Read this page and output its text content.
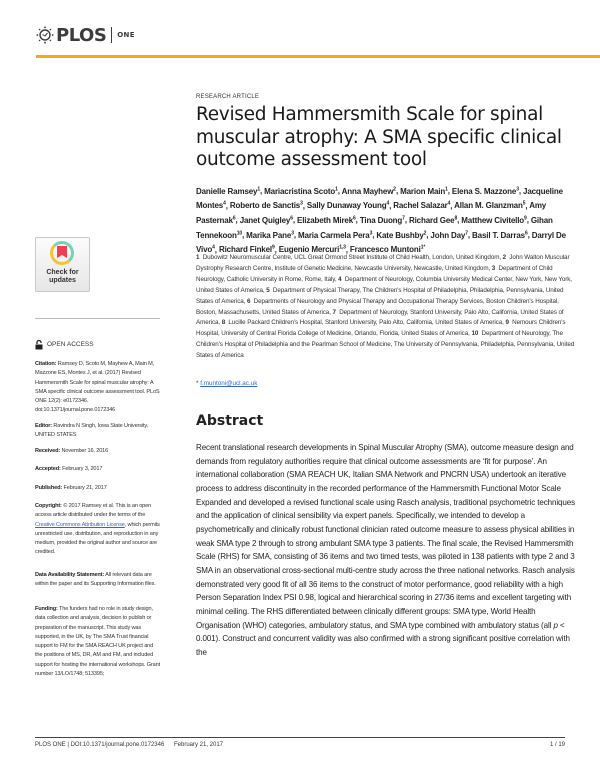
PLOS ONE
RESEARCH ARTICLE
Revised Hammersmith Scale for spinal muscular atrophy: A SMA specific clinical outcome assessment tool
Danielle Ramsey$^1$, Mariacristina Scoto$^1$, Anna Mayhew$^2$, Marion Main$^1$, Elena S. Mazzone$^3$, Jacqueline Montes$^4$, Roberto de Sanctis$^3$, Sally Dunaway Young$^4$, Rachel Salazar$^4$, Allan M. Glanzman$^5$, Amy Pasternak$^6$, Janet Quigley$^6$, Elizabeth Mirek$^6$, Tina Duong$^7$, Richard Gee$^8$, Matthew Civitello$^9$, Gihan Tennekoon$^{10}$, Marika Pane$^3$, Maria Carmela Pera$^3$, Kate Bushby$^2$, John Day$^7$, Basil T. Darras$^6$, Darryl De Vivo$^4$, Richard Finkel$^9$, Eugenio Mercuri$^{1,3}$, Francesco Muntoni$^{1*}$
1  Dubowitz Neuromuscular Centre, UCL Great Ormond Street Institute of Child Health, London, United Kingdom, 2  John Walton Muscular Dystrophy Research Centre, Institute of Genetic Medicine, Newcastle University, Newcastle, United Kingdom, 3  Department of Child Neurology, Catholic University in Rome, Rome, Italy, 4  Department of Neurology, Columbia University Medical Center, New York, New York, United States of America, 5  Department of Physical Therapy, The Children's Hospital of Philadelphia, Philadelphia, Pennsylvania, United States of America, 6  Departments of Neurology and Physical Therapy and Occupational Therapy Services, Boston Children's Hospital, Boston, Massachusetts, United States of America, 7  Department of Neurology, Stanford University, Palo Alto, California, United States of America, 8  Lucille Packard Children's Hospital, Stanford University, Palo Alto, California, United States of America, 9  Nemours Children's Hospital, University of Central Florida College of Medicine, Orlando, Florida, United States of America, 10  Department of Neurology, The Children's Hospital of Philadelphia and the Pearlman School of Medicine, The University of Pennsylvania, Philadelphia, Pennsylvania, United States of America
* f.muntoni@ucl.ac.uk
Abstract
Recent translational research developments in Spinal Muscular Atrophy (SMA), outcome measure design and demands from regulatory authorities require that clinical outcome assessments are ‘fit for purpose’. An international collaboration (SMA REACH UK, Italian SMA Network and PNCRN USA) undertook an iterative process to address discontinuity in the recorded performance of the Hammersmith Functional Motor Scale Expanded and developed a revised functional scale using Rasch analysis, traditional psychometric techniques and the application of clinical sensibility via expert panels. Specifically, we intended to develop a psychometrically and clinically robust functional clinician rated outcome measure to assess physical abilities in weak SMA type 2 through to strong ambulant SMA type 3 patients. The final scale, the Revised Hammersmith Scale (RHS) for SMA, consisting of 36 items and two timed tests, was piloted in 138 patients with type 2 and 3 SMA in an observational cross-sectional multi-centre study across the three national networks. Rasch analysis demonstrated very good fit of all 36 items to the construct of motor performance, good reliability with a high Person Separation Index PSI 0.98, logical and hierarchical scoring in 27/36 items and excellent targeting with minimal ceiling. The RHS differentiated between clinically different groups: SMA type, World Health Organisation (WHO) categories, ambulatory status, and SMA type combined with ambulatory status (all p < 0.001). Construct and concurrent validity was also confirmed with a strong significant positive correlation with the
Check for
updates
OPEN ACCESS
Citation: Ramsey D, Scoto M, Mayhew A, Main M, Mazzone ES, Montes J, et al. (2017) Revised Hammersmith Scale for spinal muscular atrophy: A SMA specific clinical outcome assessment tool. PLoS ONE 12(2): e0172346. doi:10.1371/journal.pone.0172346
Editor: Ravindra N Singh, Iowa State University, UNITED STATES
Received: November 16, 2016
Accepted: February 3, 2017
Published: February 21, 2017
Copyright: © 2017 Ramsey et al. This is an open access article distributed under the terms of the Creative Commons Attribution License, which permits unrestricted use, distribution, and reproduction in any medium, provided the original author and source are credited.
Data Availability Statement: All relevant data are within the paper and its Supporting Information files.
Funding: The funders had no role in study design, data collection and analysis, decision to publish or preparation of the manuscript. This study was supported, in the UK, by The SMA Trust financial support to FM for the SMA REACH UK project and the positions of MS, DR, AM and FM, and included support for hosting the international workshops. Grant number 13/LO/1748; 513395;
PLOS ONE | DOI:10.1371/journal.pone.0172346 February 21, 2017	1 / 19
